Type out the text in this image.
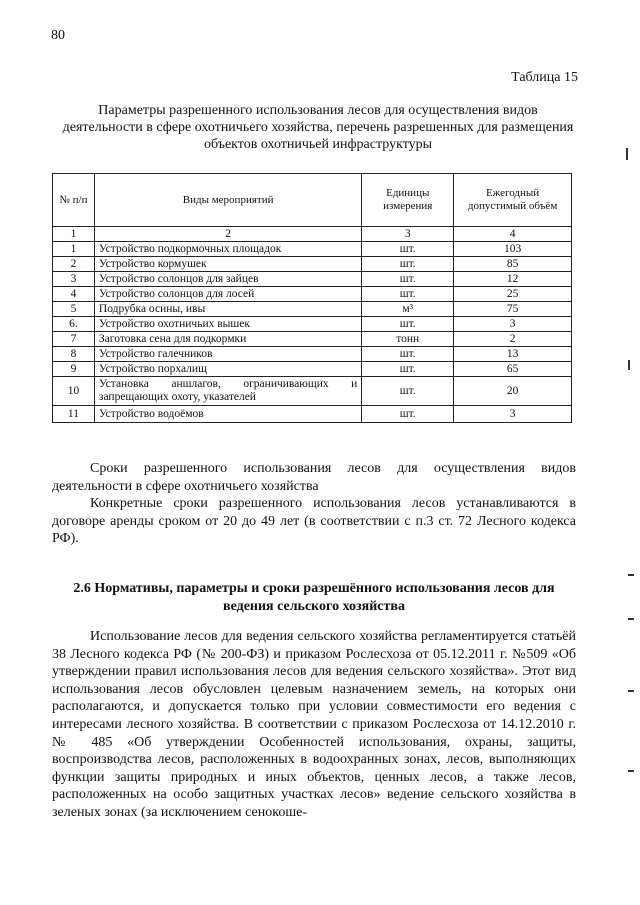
80
Таблица 15
Параметры разрешенного использования лесов для осуществления видов деятельности в сфере охотничьего хозяйства, перечень разрешенных для размещения объектов охотничьей инфраструктуры
№ п/п	Виды мероприятий	Единицы измерения	Ежегодный допустимый объём
1	2	3	4
1	Устройство подкормочных площадок	шт.	103
2	Устройство кормушек	шт.	85
3	Устройство солонцов для зайцев	шт.	12
4	Устройство солонцов для лосей	шт.	25
5	Подрубка осины, ивы	м³	75
6.	Устройство охотничьих вышек	шт.	3
7	Заготовка сена для подкормки	тонн	2
8	Устройство галечников	шт.	13
9	Устройство порхалищ	шт.	65
10	Установка аншлагов, ограничивающих и запрещающих охоту, указателей	шт.	20
11	Устройство водоёмов	шт.	3
Сроки разрешенного использования лесов для осуществления видов деятельности в сфере охотничьего хозяйства
Конкретные сроки разрешенного использования лесов устанавливаются в договоре аренды сроком от 20 до 49 лет (в соответствии с п.3 ст. 72 Лесного кодекса РФ).
2.6 Нормативы, параметры и сроки разрешённого использования лесов для ведения сельского хозяйства
Использование лесов для ведения сельского хозяйства регламентируется статьёй 38 Лесного кодекса РФ (№ 200-ФЗ) и приказом Рослесхоза от 05.12.2011 г. №509 «Об утверждении правил использования лесов для ведения сельского хозяйства». Этот вид использования лесов обусловлен целевым назначением земель, на которых они располагаются, и допускается только при условии совместимости его ведения с интересами лесного хозяйства. В соответствии с приказом Рослесхоза от 14.12.2010 г. № 485 «Об утверждении Особенностей использования, охраны, защиты, воспроизводства лесов, расположенных в водоохранных зонах, лесов, выполняющих функции защиты природных и иных объектов, ценных лесов, а также лесов, расположенных на особо защитных участках лесов» ведение сельского хозяйства в зеленых зонах (за исключением сенокоше-
